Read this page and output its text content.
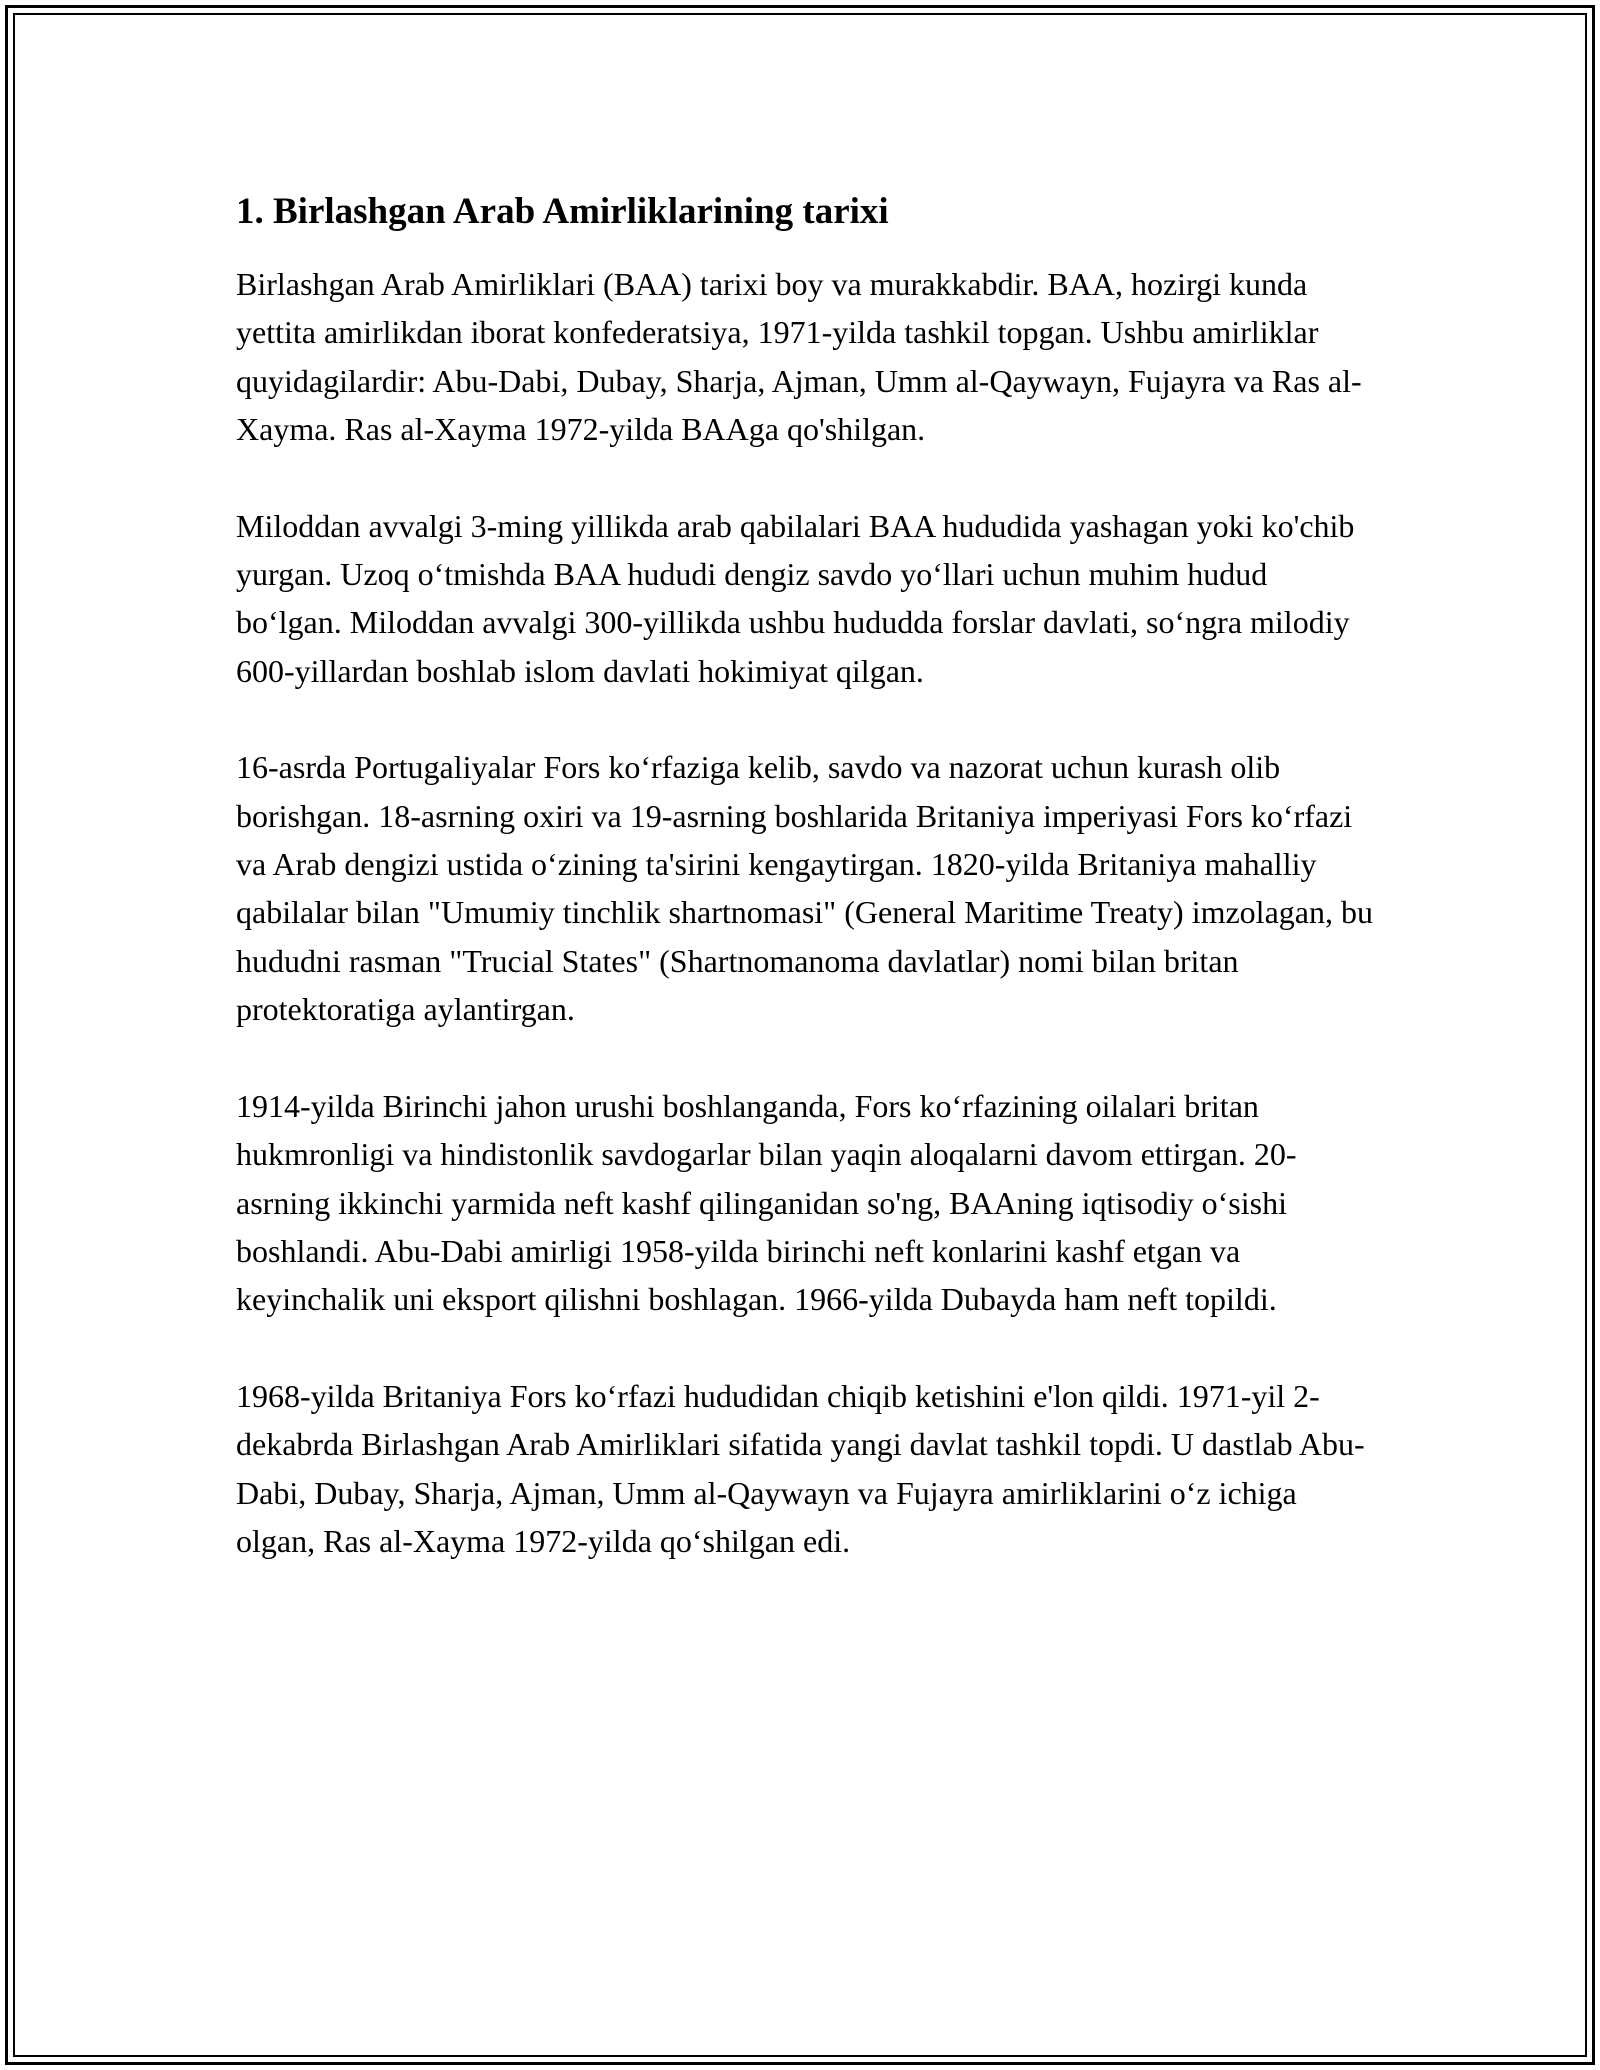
1. Birlashgan Arab Amirliklarining tarixi

Birlashgan Arab Amirliklari (BAA) tarixi boy va murakkabdir. BAA, hozirgi kunda yettita amirlikdan iborat konfederatsiya, 1971-yilda tashkil topgan. Ushbu amirliklar quyidagilardir: Abu-Dabi, Dubay, Sharja, Ajman, Umm al-Qaywayn, Fujayra va Ras al-Xayma. Ras al-Xayma 1972-yilda BAAga qo'shilgan.

Miloddan avvalgi 3-ming yillikda arab qabilalari BAA hududida yashagan yoki ko'chib yurgan. Uzoq oʻtmishda BAA hududi dengiz savdo yoʻllari uchun muhim hudud boʻlgan. Miloddan avvalgi 300-yillikda ushbu hududda forslar davlati, soʻngra milodiy 600-yillardan boshlab islom davlati hokimiyat qilgan.

16-asrda Portugaliyalar Fors koʻrfaziga kelib, savdo va nazorat uchun kurash olib borishgan. 18-asrning oxiri va 19-asrning boshlarida Britaniya imperiyasi Fors koʻrfazi va Arab dengizi ustida oʻzining ta'sirini kengaytirgan. 1820-yilda Britaniya mahalliy qabilalar bilan "Umumiy tinchlik shartnomasi" (General Maritime Treaty) imzolagan, bu hududni rasman "Trucial States" (Shartnomanoma davlatlar) nomi bilan britan protektoratiga aylantirgan.

1914-yilda Birinchi jahon urushi boshlanganda, Fors koʻrfazining oilalari britan hukmronligi va hindistonlik savdogarlar bilan yaqin aloqalarni davom ettirgan. 20-asrning ikkinchi yarmida neft kashf qilinganidan so'ng, BAAning iqtisodiy oʻsishi boshlandi. Abu-Dabi amirligi 1958-yilda birinchi neft konlarini kashf etgan va keyinchalik uni eksport qilishni boshlagan. 1966-yilda Dubayda ham neft topildi.

1968-yilda Britaniya Fors koʻrfazi hududidan chiqib ketishini e'lon qildi. 1971-yil 2-dekabrda Birlashgan Arab Amirliklari sifatida yangi davlat tashkil topdi. U dastlab Abu-Dabi, Dubay, Sharja, Ajman, Umm al-Qaywayn va Fujayra amirliklarini oʻz ichiga olgan, Ras al-Xayma 1972-yilda qoʻshilgan edi.
